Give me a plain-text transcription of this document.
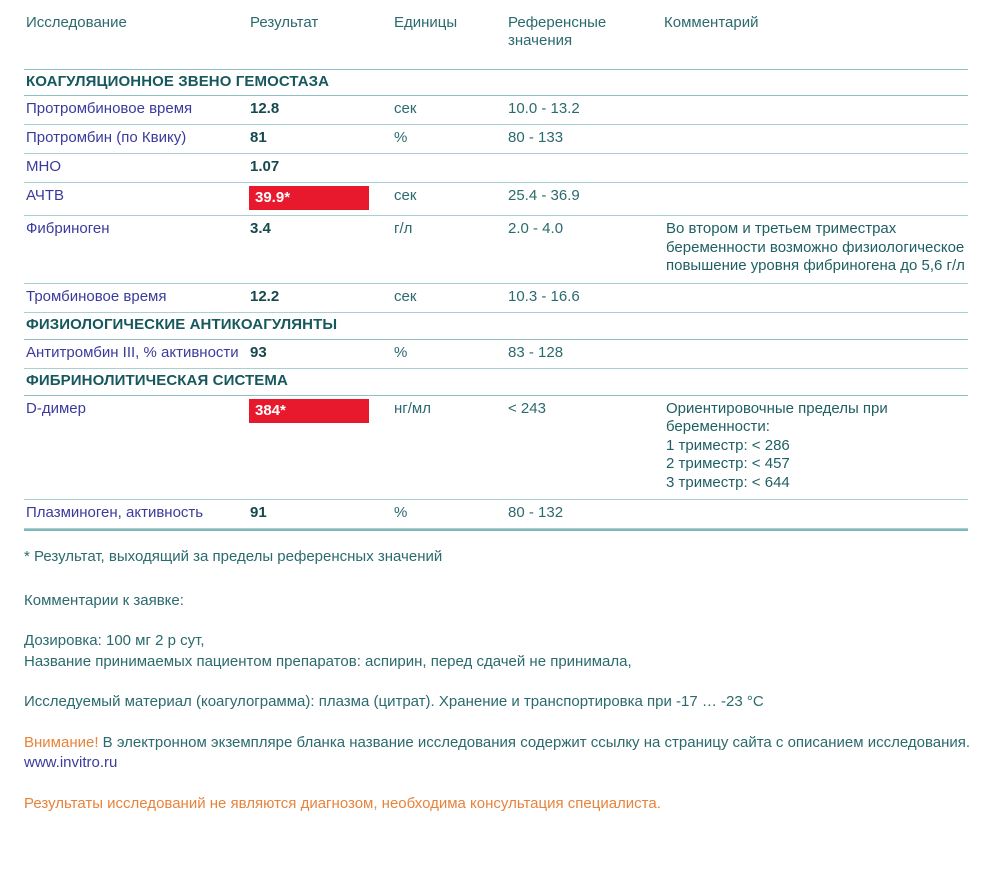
Исследование	Результат	Единицы	Референсные значения	Комментарий
КОАГУЛЯЦИОННОЕ ЗВЕНО ГЕМОСТАЗА				
Протромбиновое время	12.8	сек	10.0 - 13.2	
Протромбин (по Квику)	81	%	80 - 133	
МНО	1.07			
АЧТВ	39.9*	сек	25.4 - 36.9	
Фибриноген	3.4	г/л	2.0 - 4.0	Во втором и третьем триместрах беременности возможно физиологическое повышение уровня фибриногена до 5,6 г/л
Тромбиновое время	12.2	сек	10.3 - 16.6	
ФИЗИОЛОГИЧЕСКИЕ АНТИКОАГУЛЯНТЫ				
Антитромбин III, % активности	93	%	83 - 128	
ФИБРИНОЛИТИЧЕСКАЯ СИСТЕМА				
D-димер	384*	нг/мл	< 243	Ориентировочные пределы при беременности:
1 триместр: < 286
2 триместр: < 457
3 триместр: < 644
Плазминоген, активность	91	%	80 - 132	

* Результат, выходящий за пределы референсных значений

Комментарии к заявке:

Дозировка: 100 мг 2 р сут,

Название принимаемых пациентом препаратов: аспирин, перед сдачей не принимала,

Исследуемый материал (коагулограмма): плазма (цитрат). Хранение и транспортировка при -17 … -23 °C

Внимание! В электронном экземпляре бланка название исследования содержит ссылку на страницу сайта с описанием исследования.

www.invitro.ru

Результаты исследований не являются диагнозом, необходима консультация специалиста.
